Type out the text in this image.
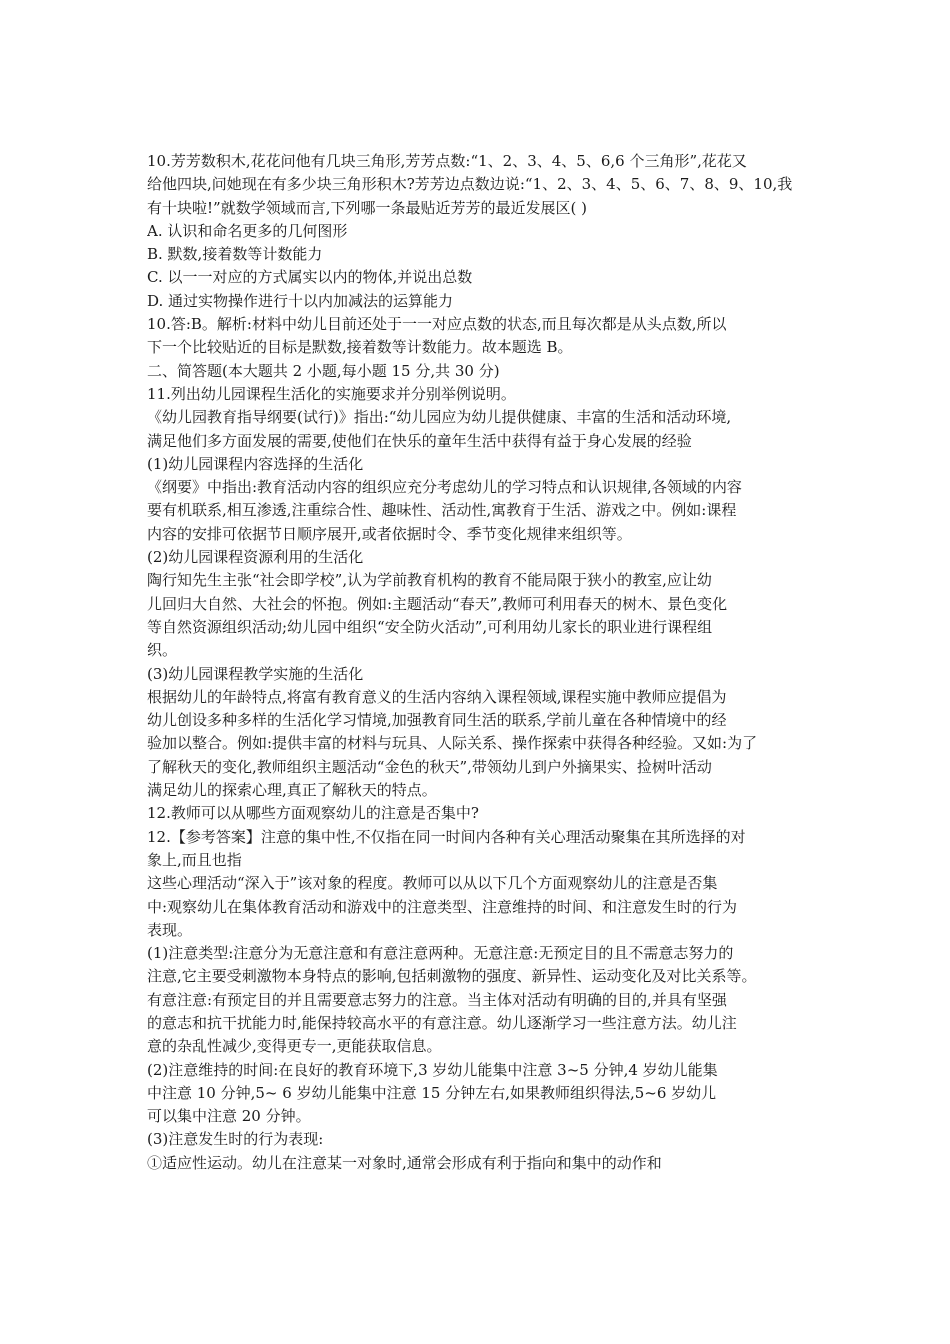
10.芳芳数积木,花花问他有几块三角形,芳芳点数:“1、2、3、4、5、6,6 个三角形”,花花又
给他四块,问她现在有多少块三角形积木?芳芳边点数边说:“1、2、3、4、5、6、7、8、9、10,我
有十块啦!”就数学领域而言,下列哪一条最贴近芳芳的最近发展区( )
A. 认识和命名更多的几何图形
B. 默数,接着数等计数能力
C. 以一一对应的方式属实以内的物体,并说出总数
D. 通过实物操作进行十以内加减法的运算能力
10.答:B。解析:材料中幼儿目前还处于一一对应点数的状态,而且每次都是从头点数,所以
下一个比较贴近的目标是默数,接着数等计数能力。故本题选 B。
二、简答题(本大题共 2 小题,每小题 15 分,共 30 分)
11.列出幼儿园课程生活化的实施要求并分别举例说明。
《幼儿园教育指导纲要(试行)》指出:“幼儿园应为幼儿提供健康、丰富的生活和活动环境,
满足他们多方面发展的需要,使他们在快乐的童年生活中获得有益于身心发展的经验
(1)幼儿园课程内容选择的生活化
《纲要》中指出:教育活动内容的组织应充分考虑幼儿的学习特点和认识规律,各领域的内容
要有机联系,相互渗透,注重综合性、趣味性、活动性,寓教育于生活、游戏之中。例如:课程
内容的安排可依据节日顺序展开,或者依据时令、季节变化规律来组织等。
(2)幼儿园课程资源利用的生活化
陶行知先生主张“社会即学校”,认为学前教育机构的教育不能局限于狭小的教室,应让幼
儿回归大自然、大社会的怀抱。例如:主题活动“春天”,教师可利用春天的树木、景色变化
等自然资源组织活动;幼儿园中组织“安全防火活动”,可利用幼儿家长的职业进行课程组
织。
(3)幼儿园课程教学实施的生活化
根据幼儿的年龄特点,将富有教育意义的生活内容纳入课程领域,课程实施中教师应提倡为
幼儿创设多种多样的生活化学习情境,加强教育同生活的联系,学前儿童在各种情境中的经
验加以整合。例如:提供丰富的材料与玩具、人际关系、操作探索中获得各种经验。又如:为了
了解秋天的变化,教师组织主题活动“金色的秋天”,带领幼儿到户外摘果实、捡树叶活动
满足幼儿的探索心理,真正了解秋天的特点。
12.教师可以从哪些方面观察幼儿的注意是否集中?
12.【参考答案】注意的集中性,不仅指在同一时间内各种有关心理活动聚集在其所选择的对
象上,而且也指
这些心理活动“深入于”该对象的程度。教师可以从以下几个方面观察幼儿的注意是否集
中:观察幼儿在集体教育活动和游戏中的注意类型、注意维持的时间、和注意发生时的行为
表现。
(1)注意类型:注意分为无意注意和有意注意两种。无意注意:无预定目的且不需意志努力的
注意,它主要受刺激物本身特点的影响,包括刺激物的强度、新异性、运动变化及对比关系等。
有意注意:有预定目的并且需要意志努力的注意。当主体对活动有明确的目的,并具有坚强
的意志和抗干扰能力时,能保持较高水平的有意注意。幼儿逐渐学习一些注意方法。幼儿注
意的杂乱性减少,变得更专一,更能获取信息。
(2)注意维持的时间:在良好的教育环境下,3 岁幼儿能集中注意 3~5 分钟,4 岁幼儿能集
中注意 10 分钟,5~ 6 岁幼儿能集中注意 15 分钟左右,如果教师组织得法,5~6 岁幼儿
可以集中注意 20 分钟。
(3)注意发生时的行为表现:
①适应性运动。幼儿在注意某一对象时,通常会形成有利于指向和集中的动作和
